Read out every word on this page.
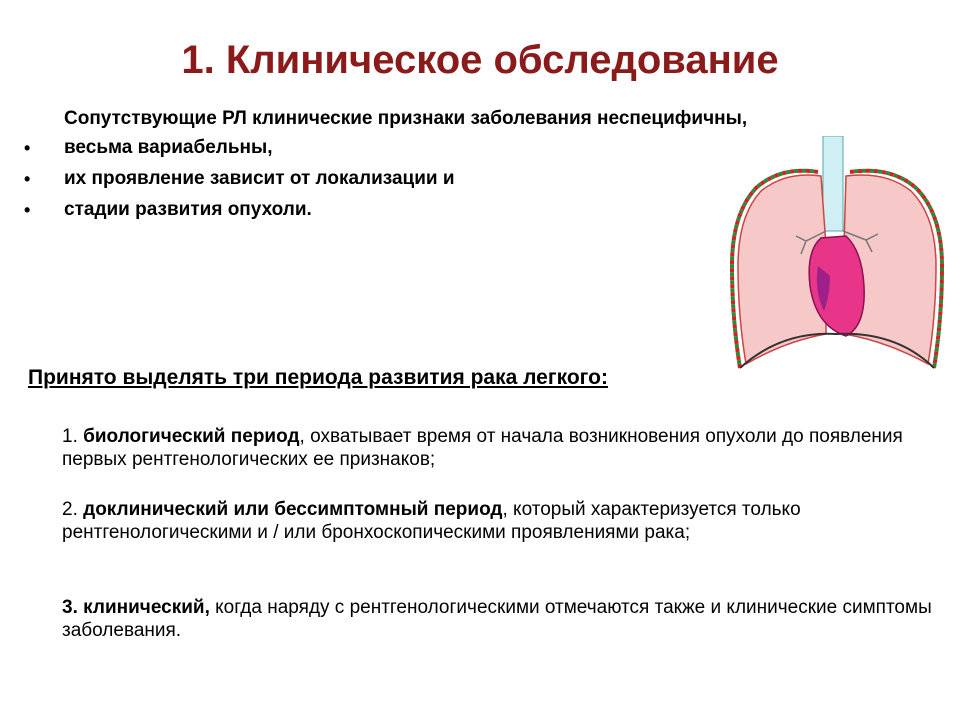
1. Клиническое обследование
Сопутствующие РЛ клинические признаки заболевания неспецифичны,
• весьма вариабельны,
• их проявление зависит от локализации и
• стадии развития опухоли.
Принято выделять три периода развития рака легкого:
1. биологический период, охватывает время от начала возникновения опухоли до появления первых рентгенологических ее признаков;
2. доклинический или бессимптомный период, который характеризуется только рентгенологическими и / или бронхоскопическими проявлениями рака;
3. клинический, когда наряду с рентгенологическими отмечаются также и клинические симптомы заболевания.
